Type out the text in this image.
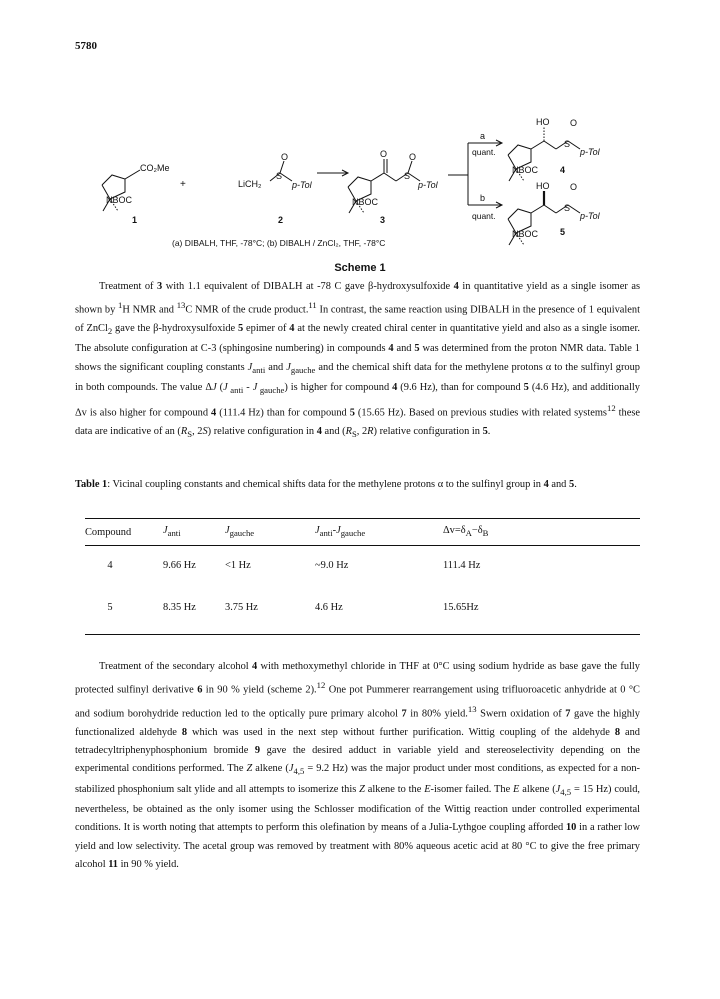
5780
CO₂Me
NBOC
+
1
LiCH₂
S
O
p-Tol
2
O
S
O
p-Tol
NBOC
3
a
quant.
b
quant.
HO
S
O
p-Tol
NBOC 4
HO
S
O
p-Tol
NBOC 5
(a) DIBALH, THF, -78°C; (b) DIBALH / ZnCl₂, THF, -78°C
Scheme 1

Treatment of 3 with 1.1 equivalent of DIBALH at -78 C gave β-hydroxysulfoxide 4 in quantitative yield as a single isomer as shown by $^1$H NMR and $^{13}$C NMR of the crude product.$^{11}$ In contrast, the same reaction using DIBALH in the presence of 1 equivalent of ZnCl$_2$ gave the β-hydroxysulfoxide 5 epimer of 4 at the newly created chiral center in quantitative yield and also as a single isomer. The absolute configuration at C-3 (sphingosine numbering) in compounds 4 and 5 was determined from the proton NMR data. Table 1 shows the significant coupling constants $J_{anti}$ and $J_{gauche}$ and the chemical shift data for the methylene protons α to the sulfinyl group in both compounds. The value ΔJ (J $_{anti}$ - J $_{gauche}$) is higher for compound 4 (9.6 Hz), than for compound 5 (4.6 Hz), and additionally Δv is also higher for compound 4 (111.4 Hz) than for compound 5 (15.65 Hz). Based on previous studies with related systems$^{12}$ these data are indicative of an ($R_S$, 2S) relative configuration in 4 and ($R_S$, 2R) relative configuration in 5.

Table 1: Vicinal coupling constants and chemical shifts data for the methylene protons α to the sulfinyl group in 4 and 5.
Compound	$J_{anti}$	$J_{gauche}$	$J_{anti}-J_{gauche}$	$\Delta v=\delta_A-\delta_B$
4	9.66 Hz	<1 Hz	~9.0 Hz	111.4 Hz
5	8.35 Hz	3.75 Hz	4.6 Hz	15.65Hz

Treatment of the secondary alcohol 4 with methoxymethyl chloride in THF at 0°C using sodium hydride as base gave the fully protected sulfinyl derivative 6 in 90 % yield (scheme 2).$^{12}$ One pot Pummerer rearrangement using trifluoroacetic anhydride at 0 °C and sodium borohydride reduction led to the optically pure primary alcohol 7 in 80% yield.$^{13}$ Swern oxidation of 7 gave the highly functionalized aldehyde 8 which was used in the next step without further purification. Wittig coupling of the aldehyde 8 and tetradecyltriphenyphosphonium bromide 9 gave the desired adduct in variable yield and stereoselectivity depending on the experimental conditions performed. The Z alkene ($J_{4,5} = 9.2$ Hz) was the major product under most conditions, as expected for a non-stabilized phosphonium salt ylide and all attempts to isomerize this Z alkene to the E-isomer failed. The E alkene ($J_{4,5} = 15$ Hz) could, nevertheless, be obtained as the only isomer using the Schlosser modification of the Wittig reaction under controlled experimental conditions. It is worth noting that attempts to perform this olefination by means of a Julia-Lythgoe coupling afforded 10 in a rather low yield and low selectivity. The acetal group was removed by treatment with 80% aqueous acetic acid at 80 °C to give the free primary alcohol 11 in 90 % yield.
